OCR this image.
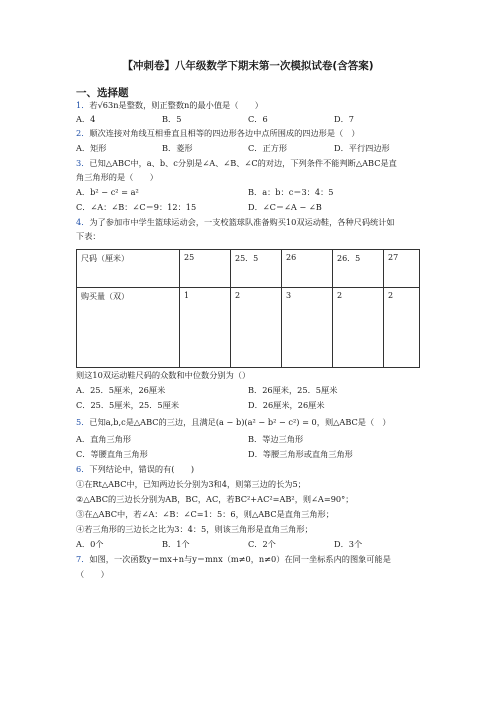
【冲刺卷】八年级数学下期末第一次模拟试卷(含答案)
一、选择题
1．若√63n是整数，则正整数n的最小值是（　　）
A．4	B．5	C．6	D．7
2．顺次连接对角线互相垂直且相等的四边形各边中点所围成的四边形是（　）
A．矩形	B．菱形	C．正方形	D．平行四边形
3．已知△ABC中，a、b、c分别是∠A、∠B、∠C的对边，下列条件不能判断△ABC是直
角三角形的是（　　）
A．b² − c² = a²	B．a：b：c＝3：4：5
C．∠A：∠B：∠C＝9：12：15	D．∠C＝∠A − ∠B
4．为了参加市中学生篮球运动会，一支校篮球队准备购买10双运动鞋，各种尺码统计如
下表：
尺码（厘米）	25	25．5	26	26．5	27
购买量（双）	1	2	3	2	2
则这10双运动鞋尺码的众数和中位数分别为（）
A．25．5厘米，26厘米	B．26厘米，25．5厘米
C．25．5厘米，25．5厘米	D．26厘米，26厘米
5．已知a,b,c是△ABC的三边，且满足(a − b)(a² − b² − c²) = 0，则△ABC是（　）
A．直角三角形	B．等边三角形
C．等腰直角三角形	D．等腰三角形或直角三角形
6．下列结论中，错误的有(　　)
①在Rt△ABC中，已知两边长分别为3和4，则第三边的长为5；
②△ABC的三边长分别为AB，BC，AC，若BC²+AC²=AB²，则∠A=90°；
③在△ABC中，若∠A：∠B：∠C=1：5：6，则△ABC是直角三角形；
④若三角形的三边长之比为3：4：5，则该三角形是直角三角形；
A．0个	B．1个	C．2个	D．3个
7．如图，一次函数y＝mx+n与y＝mnx（m≠0，n≠0）在同一坐标系内的图象可能是
（　　）
